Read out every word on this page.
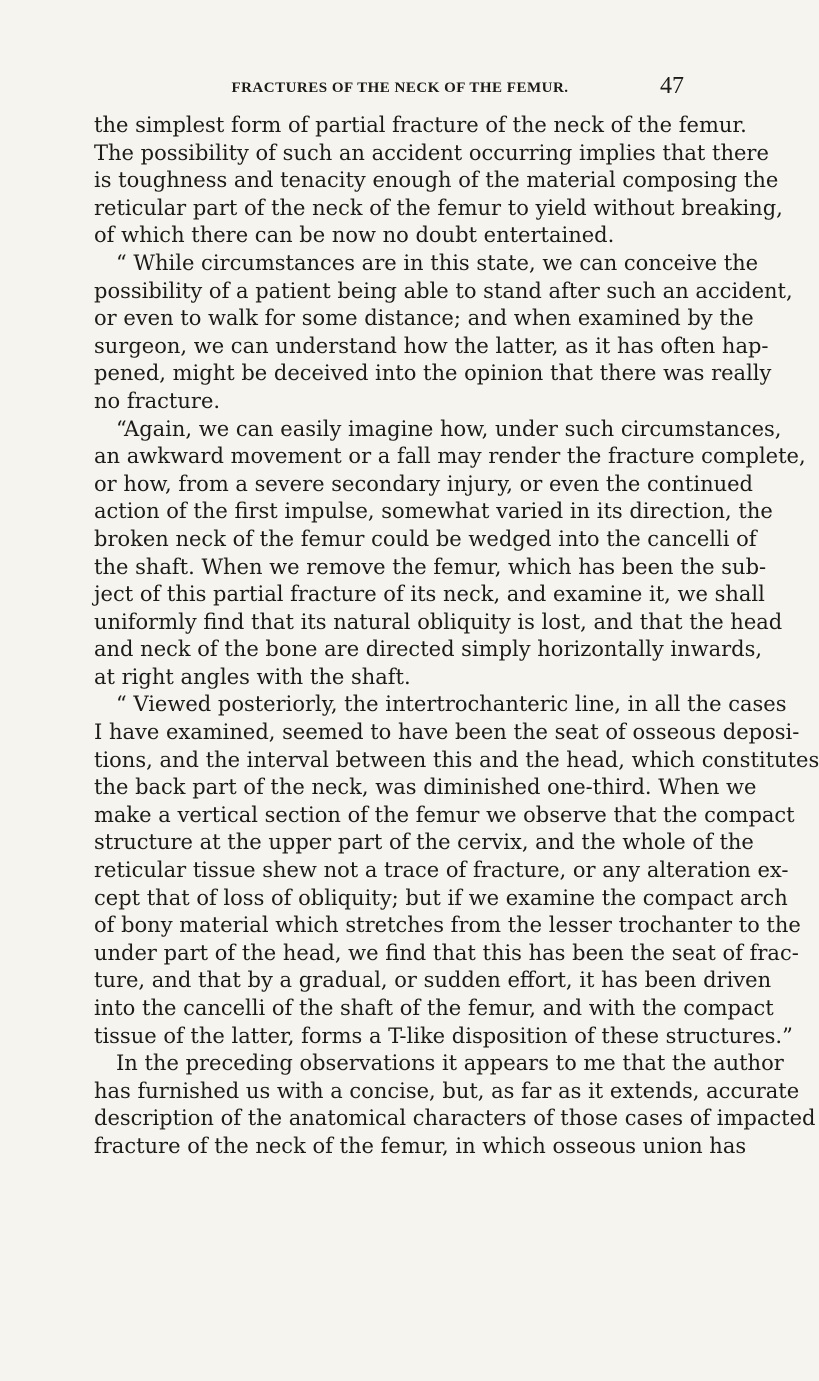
FRACTURES OF THE NECK OF THE FEMUR.	47
the simplest form of partial fracture of the neck of the femur.
The possibility of such an accident occurring implies that there
is toughness and tenacity enough of the material composing the
reticular part of the neck of the femur to yield without breaking,
of which there can be now no doubt entertained.
“ While circumstances are in this state, we can conceive the
possibility of a patient being able to stand after such an accident,
or even to walk for some distance; and when examined by the
surgeon, we can understand how the latter, as it has often hap-
pened, might be deceived into the opinion that there was really
no fracture.
“Again, we can easily imagine how, under such circumstances,
an awkward movement or a fall may render the fracture complete,
or how, from a severe secondary injury, or even the continued
action of the first impulse, somewhat varied in its direction, the
broken neck of the femur could be wedged into the cancelli of
the shaft. When we remove the femur, which has been the sub-
ject of this partial fracture of its neck, and examine it, we shall
uniformly find that its natural obliquity is lost, and that the head
and neck of the bone are directed simply horizontally inwards,
at right angles with the shaft.
“ Viewed posteriorly, the intertrochanteric line, in all the cases
I have examined, seemed to have been the seat of osseous deposi-
tions, and the interval between this and the head, which constitutes
the back part of the neck, was diminished one-third. When we
make a vertical section of the femur we observe that the compact
structure at the upper part of the cervix, and the whole of the
reticular tissue shew not a trace of fracture, or any alteration ex-
cept that of loss of obliquity; but if we examine the compact arch
of bony material which stretches from the lesser trochanter to the
under part of the head, we find that this has been the seat of frac-
ture, and that by a gradual, or sudden effort, it has been driven
into the cancelli of the shaft of the femur, and with the compact
tissue of the latter, forms a T-like disposition of these structures.”
In the preceding observations it appears to me that the author
has furnished us with a concise, but, as far as it extends, accurate
description of the anatomical characters of those cases of impacted
fracture of the neck of the femur, in which osseous union has
